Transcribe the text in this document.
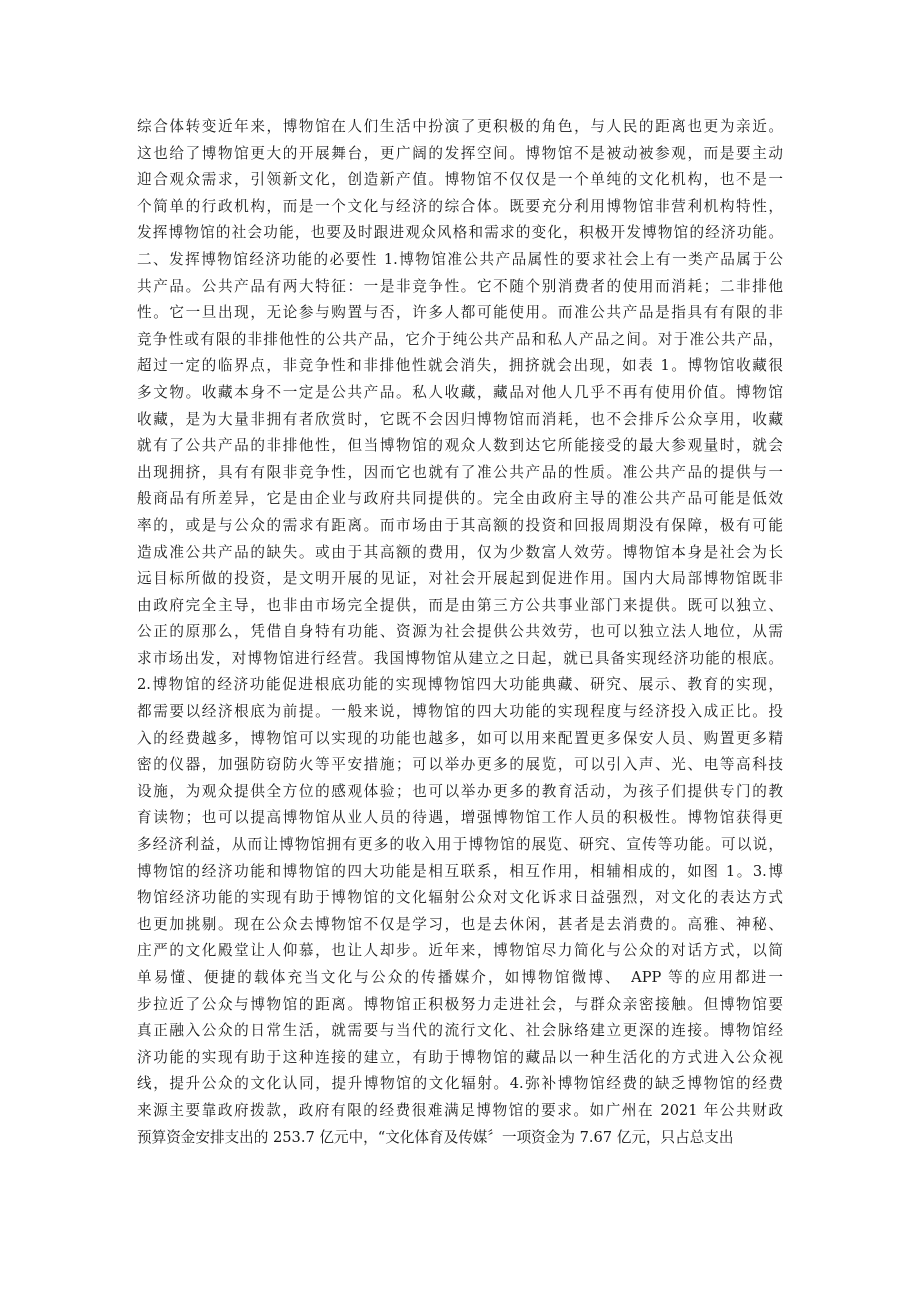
综合体转变近年来，博物馆在人们生活中扮演了更积极的角色，与人民的距离也更为亲近。
这也给了博物馆更大的开展舞台，更广阔的发挥空间。博物馆不是被动被参观，而是要主动
迎合观众需求，引领新文化，创造新产值。博物馆不仅仅是一个单纯的文化机构，也不是一
个简单的行政机构，而是一个文化与经济的综合体。既要充分利用博物馆非营利机构特性，
发挥博物馆的社会功能，也要及时跟进观众风格和需求的变化，积极开发博物馆的经济功能。
二、发挥博物馆经济功能的必要性 1.博物馆准公共产品属性的要求社会上有一类产品属于公
共产品。公共产品有两大特征：一是非竞争性。它不随个别消费者的使用而消耗；二非排他
性。它一旦出现，无论参与购置与否，许多人都可能使用。而准公共产品是指具有有限的非
竞争性或有限的非排他性的公共产品，它介于纯公共产品和私人产品之间。对于准公共产品，
超过一定的临界点，非竞争性和非排他性就会消失，拥挤就会出现，如表 1。博物馆收藏很
多文物。收藏本身不一定是公共产品。私人收藏，藏品对他人几乎不再有使用价值。博物馆
收藏，是为大量非拥有者欣赏时，它既不会因归博物馆而消耗，也不会排斥公众享用，收藏
就有了公共产品的非排他性，但当博物馆的观众人数到达它所能接受的最大参观量时，就会
出现拥挤，具有有限非竞争性，因而它也就有了准公共产品的性质。准公共产品的提供与一
般商品有所差异，它是由企业与政府共同提供的。完全由政府主导的准公共产品可能是低效
率的，或是与公众的需求有距离。而市场由于其高额的投资和回报周期没有保障，极有可能
造成准公共产品的缺失。或由于其高额的费用，仅为少数富人效劳。博物馆本身是社会为长
远目标所做的投资，是文明开展的见证，对社会开展起到促进作用。国内大局部博物馆既非
由政府完全主导，也非由市场完全提供，而是由第三方公共事业部门来提供。既可以独立、
公正的原那么，凭借自身特有功能、资源为社会提供公共效劳，也可以独立法人地位，从需
求市场出发，对博物馆进行经营。我国博物馆从建立之日起，就已具备实现经济功能的根底。
2.博物馆的经济功能促进根底功能的实现博物馆四大功能典藏、研究、展示、教育的实现，
都需要以经济根底为前提。一般来说，博物馆的四大功能的实现程度与经济投入成正比。投
入的经费越多，博物馆可以实现的功能也越多，如可以用来配置更多保安人员、购置更多精
密的仪器，加强防窃防火等平安措施；可以举办更多的展览，可以引入声、光、电等高科技
设施，为观众提供全方位的感观体验；也可以举办更多的教育活动，为孩子们提供专门的教
育读物；也可以提高博物馆从业人员的待遇，增强博物馆工作人员的积极性。博物馆获得更
多经济利益，从而让博物馆拥有更多的收入用于博物馆的展览、研究、宣传等功能。可以说，
博物馆的经济功能和博物馆的四大功能是相互联系，相互作用，相辅相成的，如图 1。3.博
物馆经济功能的实现有助于博物馆的文化辐射公众对文化诉求日益强烈，对文化的表达方式
也更加挑剔。现在公众去博物馆不仅是学习，也是去休闲，甚者是去消费的。高雅、神秘、
庄严的文化殿堂让人仰慕，也让人却步。近年来，博物馆尽力简化与公众的对话方式，以简
单易懂、便捷的载体充当文化与公众的传播媒介，如博物馆微博、　APP 等的应用都进一
步拉近了公众与博物馆的距离。博物馆正积极努力走进社会，与群众亲密接触。但博物馆要
真正融入公众的日常生活，就需要与当代的流行文化、社会脉络建立更深的连接。博物馆经
济功能的实现有助于这种连接的建立，有助于博物馆的藏品以一种生活化的方式进入公众视
线，提升公众的文化认同，提升博物馆的文化辐射。4.弥补博物馆经费的缺乏博物馆的经费
来源主要靠政府拨款，政府有限的经费很难满足博物馆的要求。如广州在 2021 年公共财政
预算资金安排支出的 253.7 亿元中，“文化体育及传媒〞一项资金为 7.67 亿元，只占总支出
